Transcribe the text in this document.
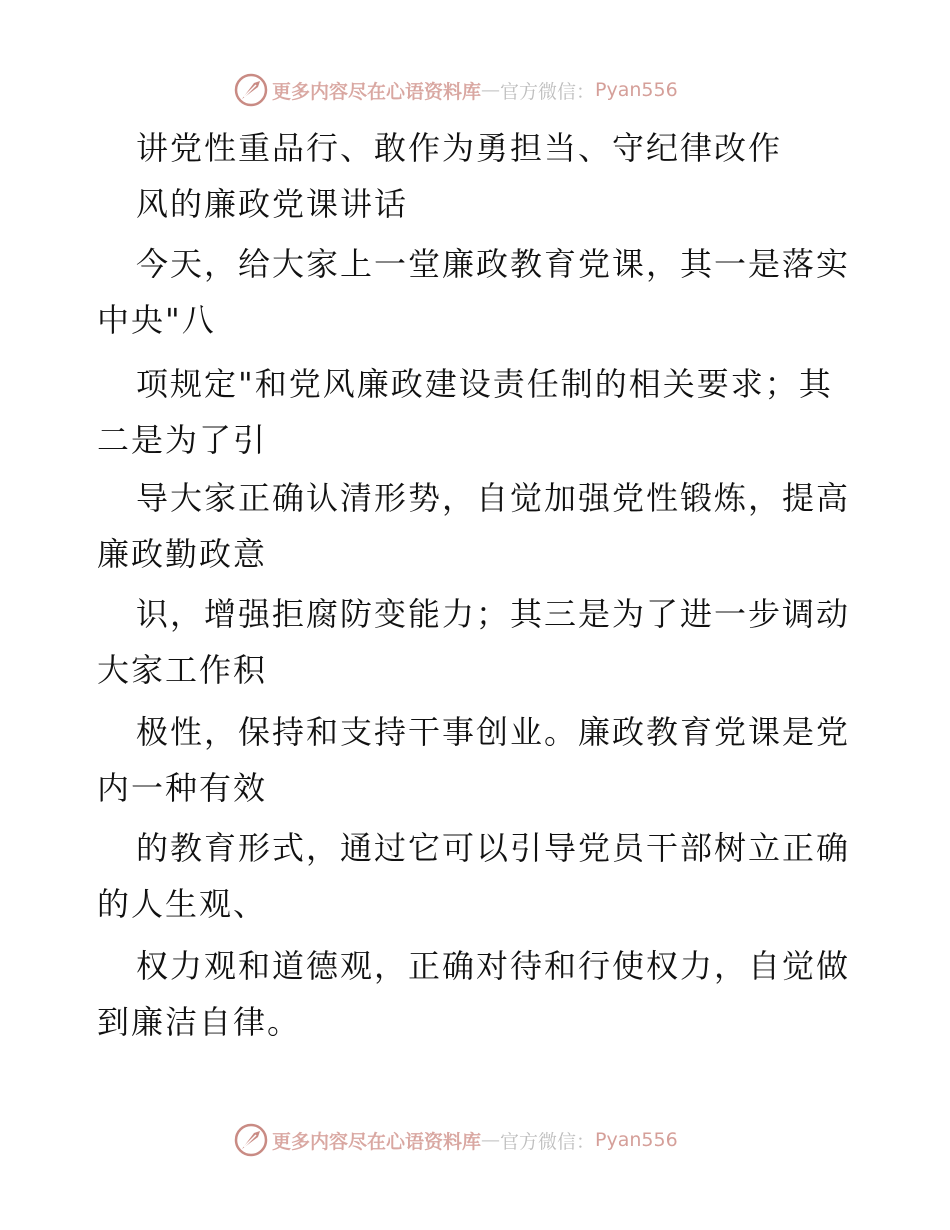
更多内容尽在心语资料库 — 官方微信： Pyan556
讲党性重品行、敢作为勇担当、守纪律改作
风的廉政党课讲话
今天，给大家上一堂廉政教育党课，其一是落实
中央"八
项规定"和党风廉政建设责任制的相关要求；其
二是为了引
导大家正确认清形势，自觉加强党性锻炼，提高
廉政勤政意
识，增强拒腐防变能力；其三是为了进一步调动
大家工作积
极性，保持和支持干事创业。廉政教育党课是党
内一种有效
的教育形式，通过它可以引导党员干部树立正确
的人生观、
权力观和道德观，正确对待和行使权力，自觉做
到廉洁自律。
更多内容尽在心语资料库 — 官方微信： Pyan556
